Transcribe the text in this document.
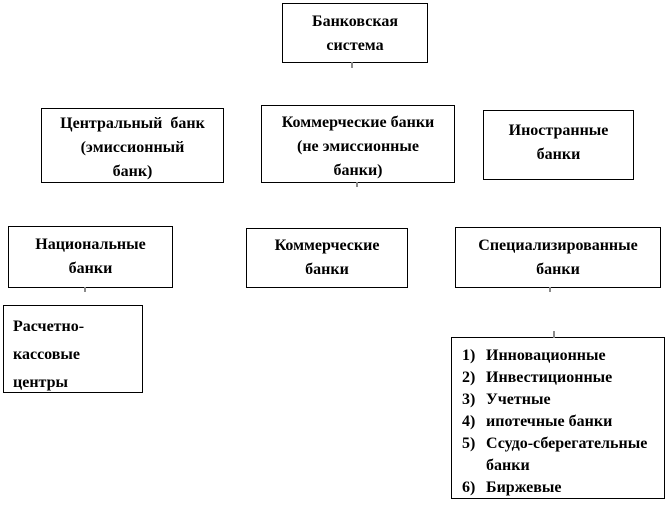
Банковская
система
Центральный  банк
(эмиссионный
банк)
Коммерческие банки
(не эмиссионные
банки)
Иностранные
банки
Национальные
банки
Коммерческие
банки
Специализированные
банки
Расчетно-
кассовые
центры
1) Инновационные
2) Инвестиционные
3) Учетные
4) ипотечные банки
5) Ссудо-сберегательные банки
6) Биржевые
